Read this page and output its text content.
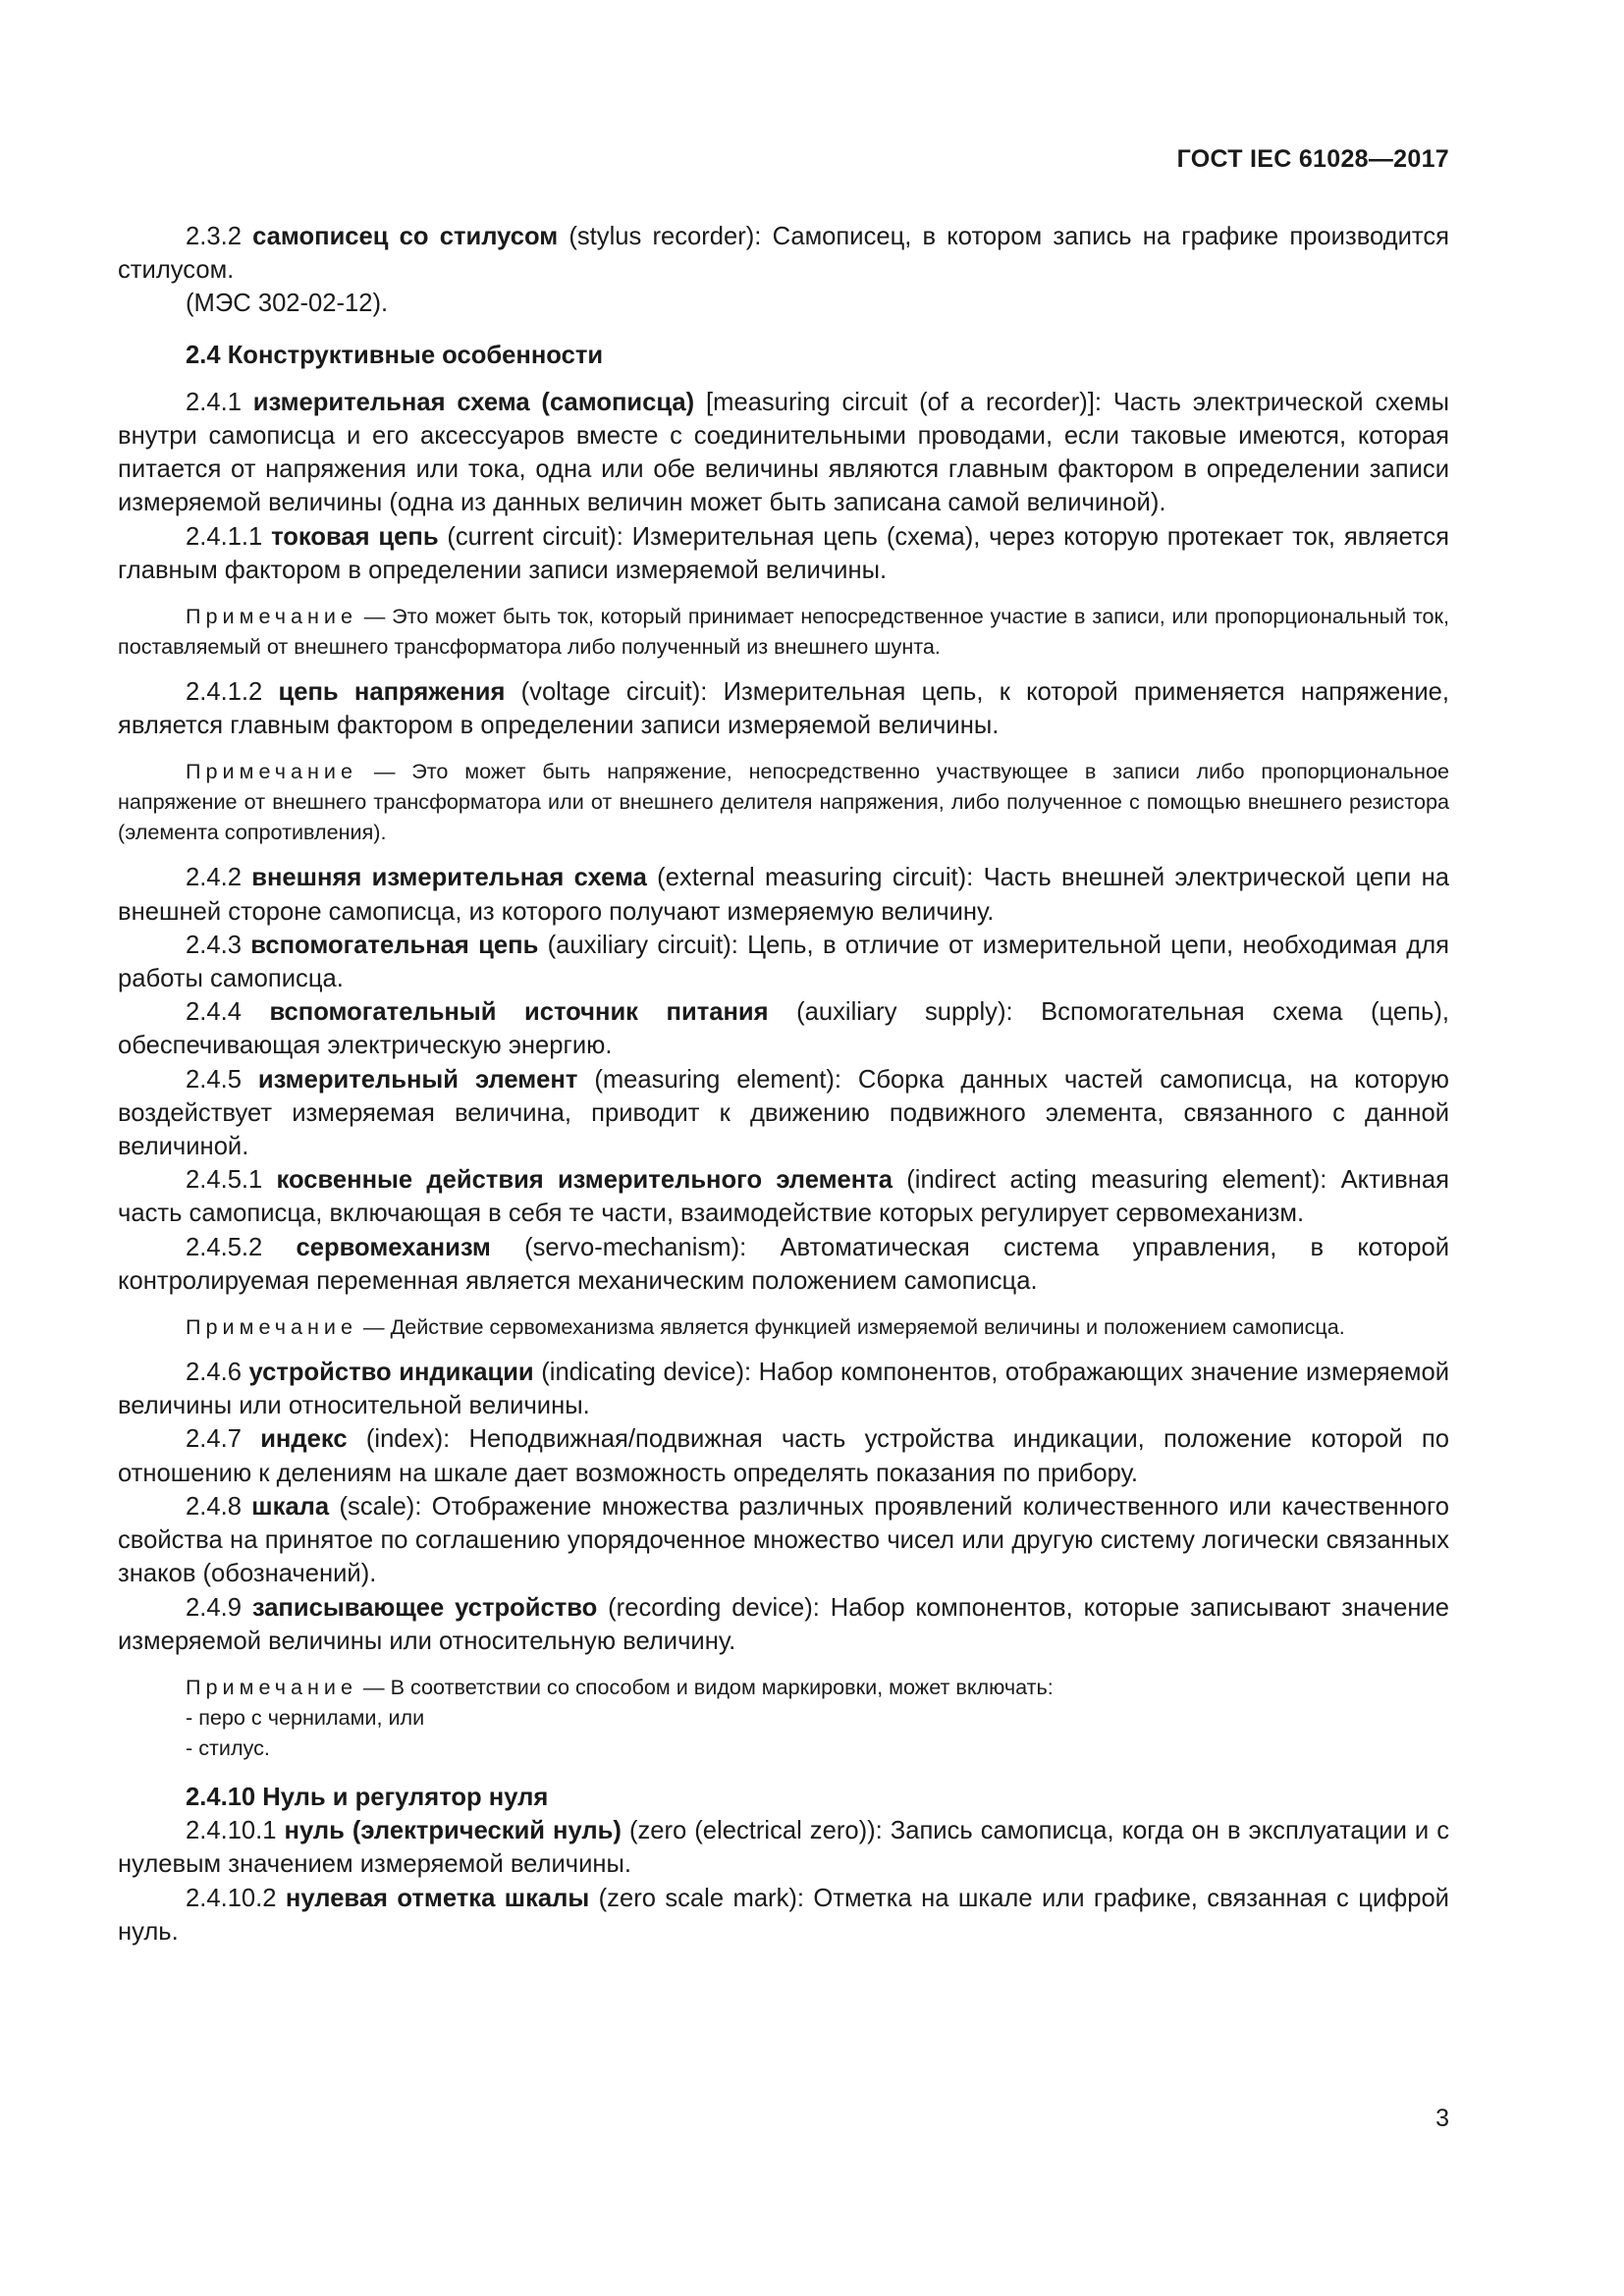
ГОСТ IEC 61028—2017

2.3.2 самописец со стилусом (stylus recorder): Самописец, в котором запись на графике производится стилусом.

(МЭС 302-02-12).

2.4 Конструктивные особенности

2.4.1 измерительная схема (самописца) [measuring circuit (of a recorder)]: Часть электрической схемы внутри самописца и его аксессуаров вместе с соединительными проводами, если таковые имеются, которая питается от напряжения или тока, одна или обе величины являются главным фактором в определении записи измеряемой величины (одна из данных величин может быть записана самой величиной).

2.4.1.1 токовая цепь (current circuit): Измерительная цепь (схема), через которую протекает ток, является главным фактором в определении записи измеряемой величины.

Примечание — Это может быть ток, который принимает непосредственное участие в записи, или пропорциональный ток, поставляемый от внешнего трансформатора либо полученный из внешнего шунта.

2.4.1.2 цепь напряжения (voltage circuit): Измерительная цепь, к которой применяется напряжение, является главным фактором в определении записи измеряемой величины.

Примечание — Это может быть напряжение, непосредственно участвующее в записи либо пропорциональное напряжение от внешнего трансформатора или от внешнего делителя напряжения, либо полученное с помощью внешнего резистора (элемента сопротивления).

2.4.2 внешняя измерительная схема (external measuring circuit): Часть внешней электрической цепи на внешней стороне самописца, из которого получают измеряемую величину.

2.4.3 вспомогательная цепь (auxiliary circuit): Цепь, в отличие от измерительной цепи, необходимая для работы самописца.

2.4.4 вспомогательный источник питания (auxiliary supply): Вспомогательная схема (цепь), обеспечивающая электрическую энергию.

2.4.5 измерительный элемент (measuring element): Сборка данных частей самописца, на которую воздействует измеряемая величина, приводит к движению подвижного элемента, связанного с данной величиной.

2.4.5.1 косвенные действия измерительного элемента (indirect acting measuring element): Активная часть самописца, включающая в себя те части, взаимодействие которых регулирует сервомеханизм.

2.4.5.2 сервомеханизм (servo-mechanism): Автоматическая система управления, в которой контролируемая переменная является механическим положением самописца.

Примечание — Действие сервомеханизма является функцией измеряемой величины и положением самописца.

2.4.6 устройство индикации (indicating device): Набор компонентов, отображающих значение измеряемой величины или относительной величины.

2.4.7 индекс (index): Неподвижная/подвижная часть устройства индикации, положение которой по отношению к делениям на шкале дает возможность определять показания по прибору.

2.4.8 шкала (scale): Отображение множества различных проявлений количественного или качественного свойства на принятое по соглашению упорядоченное множество чисел или другую систему логически связанных знаков (обозначений).

2.4.9 записывающее устройство (recording device): Набор компонентов, которые записывают значение измеряемой величины или относительную величину.

Примечание — В соответствии со способом и видом маркировки, может включать:

- перо с чернилами, или

- стилус.

2.4.10 Нуль и регулятор нуля

2.4.10.1 нуль (электрический нуль) (zero (electrical zero)): Запись самописца, когда он в эксплуатации и с нулевым значением измеряемой величины.

2.4.10.2 нулевая отметка шкалы (zero scale mark): Отметка на шкале или графике, связанная с цифрой нуль.

3
